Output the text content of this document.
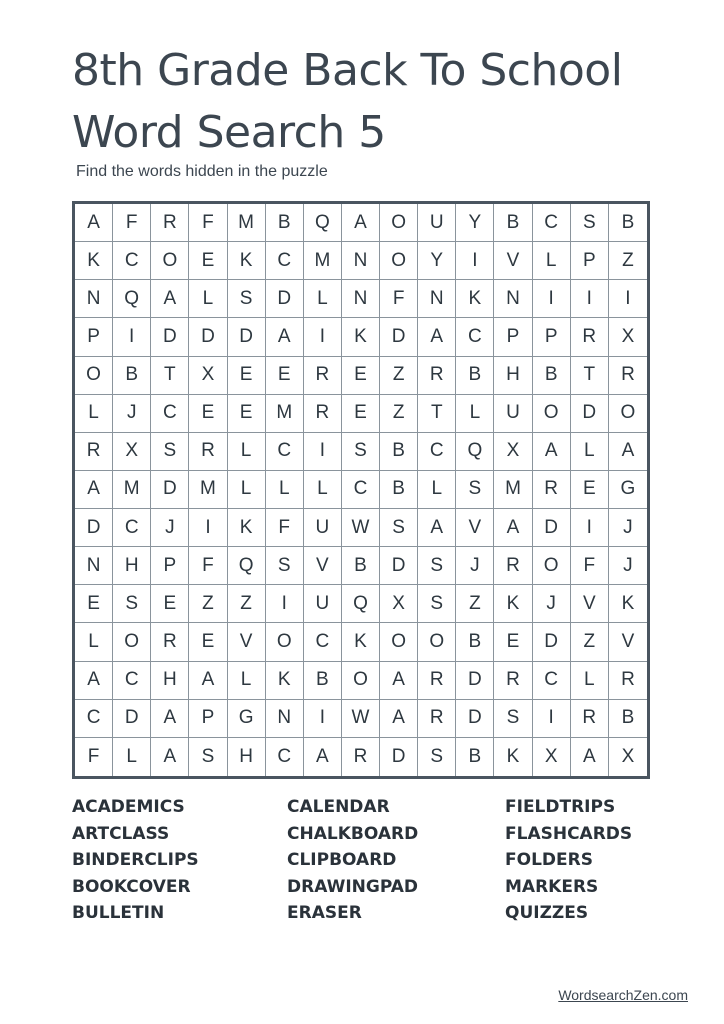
8th Grade Back To School Word Search 5
Find the words hidden in the puzzle
A	F	R	F	M	B	Q	A	O	U	Y	B	C	S	B
K	C	O	E	K	C	M	N	O	Y	I	V	L	P	Z
N	Q	A	L	S	D	L	N	F	N	K	N	I	I	I
P	I	D	D	D	A	I	K	D	A	C	P	P	R	X
O	B	T	X	E	E	R	E	Z	R	B	H	B	T	R
L	J	C	E	E	M	R	E	Z	T	L	U	O	D	O
R	X	S	R	L	C	I	S	B	C	Q	X	A	L	A
A	M	D	M	L	L	L	C	B	L	S	M	R	E	G
D	C	J	I	K	F	U	W	S	A	V	A	D	I	J
N	H	P	F	Q	S	V	B	D	S	J	R	O	F	J
E	S	E	Z	Z	I	U	Q	X	S	Z	K	J	V	K
L	O	R	E	V	O	C	K	O	O	B	E	D	Z	V
A	C	H	A	L	K	B	O	A	R	D	R	C	L	R
C	D	A	P	G	N	I	W	A	R	D	S	I	R	B
F	L	A	S	H	C	A	R	D	S	B	K	X	A	X
ACADEMICS
ARTCLASS
BINDERCLIPS
BOOKCOVER
BULLETIN
CALENDAR
CHALKBOARD
CLIPBOARD
DRAWINGPAD
ERASER
FIELDTRIPS
FLASHCARDS
FOLDERS
MARKERS
QUIZZES
WordsearchZen.com
